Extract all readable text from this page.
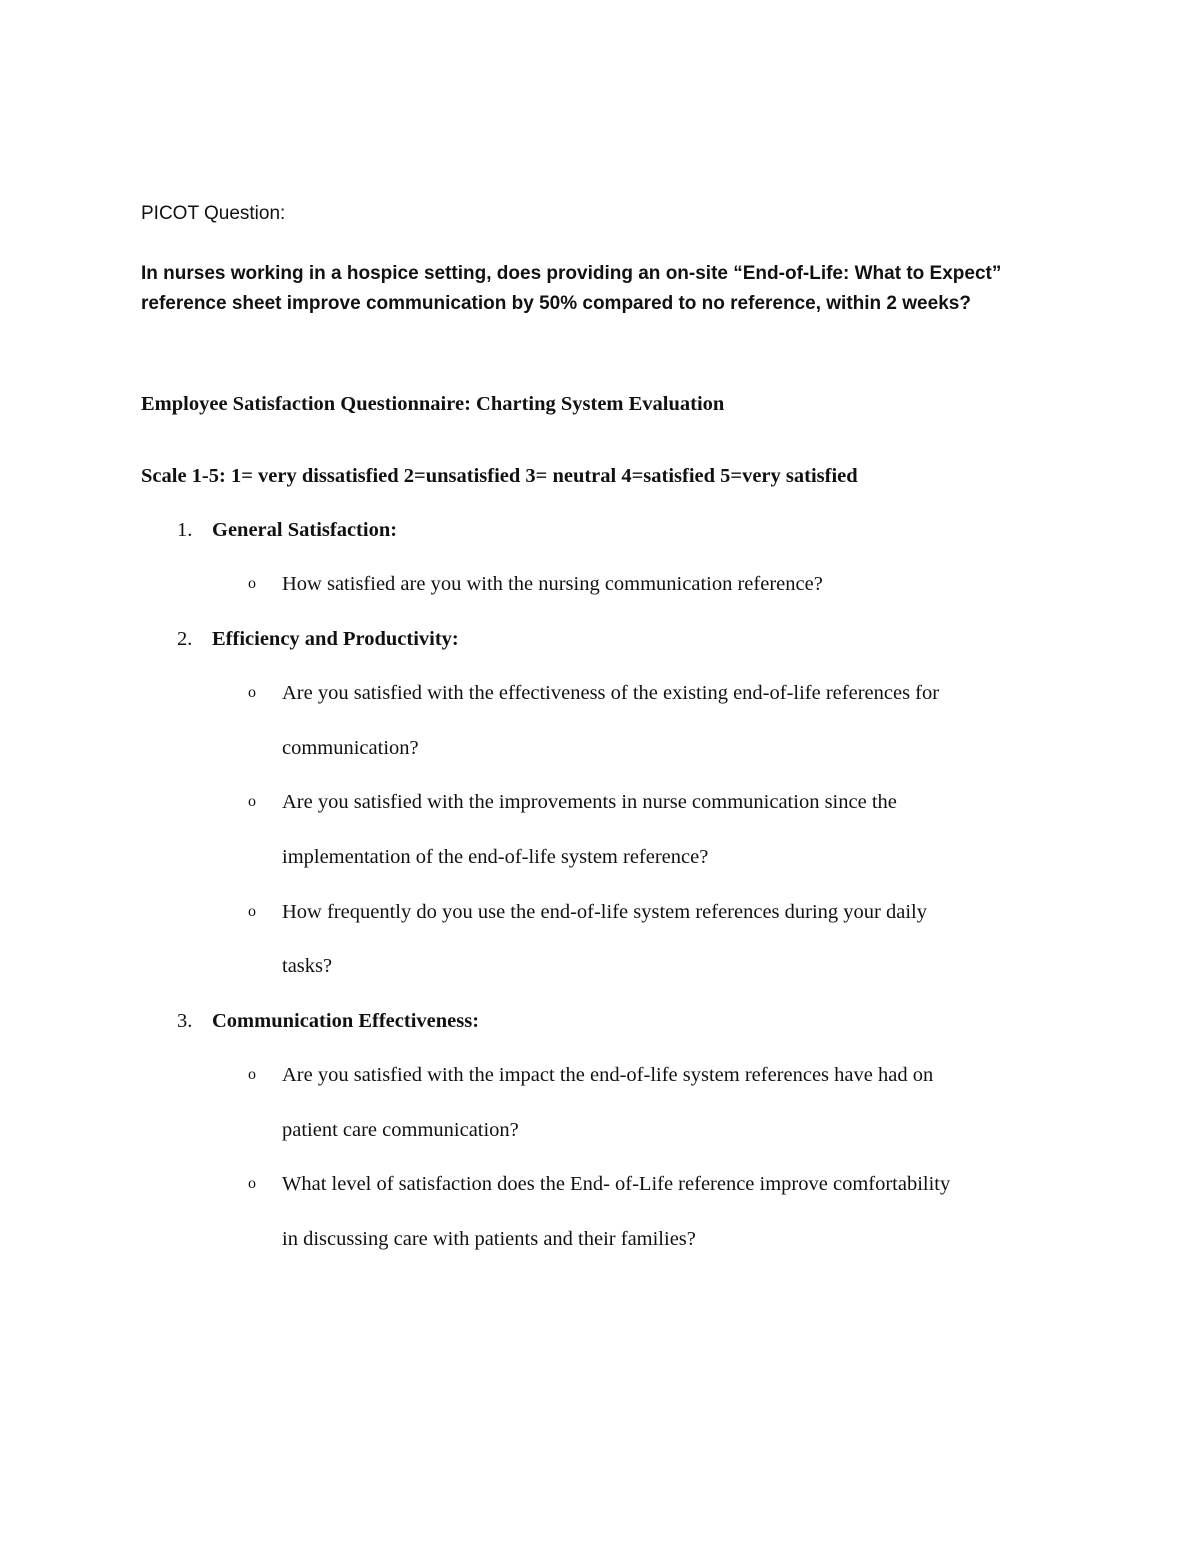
PICOT Question:
In nurses working in a hospice setting, does providing an on-site “End-of-Life: What to Expect”
reference sheet improve communication by 50% compared to no reference, within 2 weeks?
Employee Satisfaction Questionnaire: Charting System Evaluation
Scale 1-5: 1= very dissatisfied 2=unsatisfied 3= neutral 4=satisfied 5=very satisfied
1. General Satisfaction:
o How satisfied are you with the nursing communication reference?
2. Efficiency and Productivity:
o Are you satisfied with the effectiveness of the existing end-of-life references for
communication?
o Are you satisfied with the improvements in nurse communication since the
implementation of the end-of-life system reference?
o How frequently do you use the end-of-life system references during your daily
tasks?
3. Communication Effectiveness:
o Are you satisfied with the impact the end-of-life system references have had on
patient care communication?
o What level of satisfaction does the End- of-Life reference improve comfortability
in discussing care with patients and their families?
